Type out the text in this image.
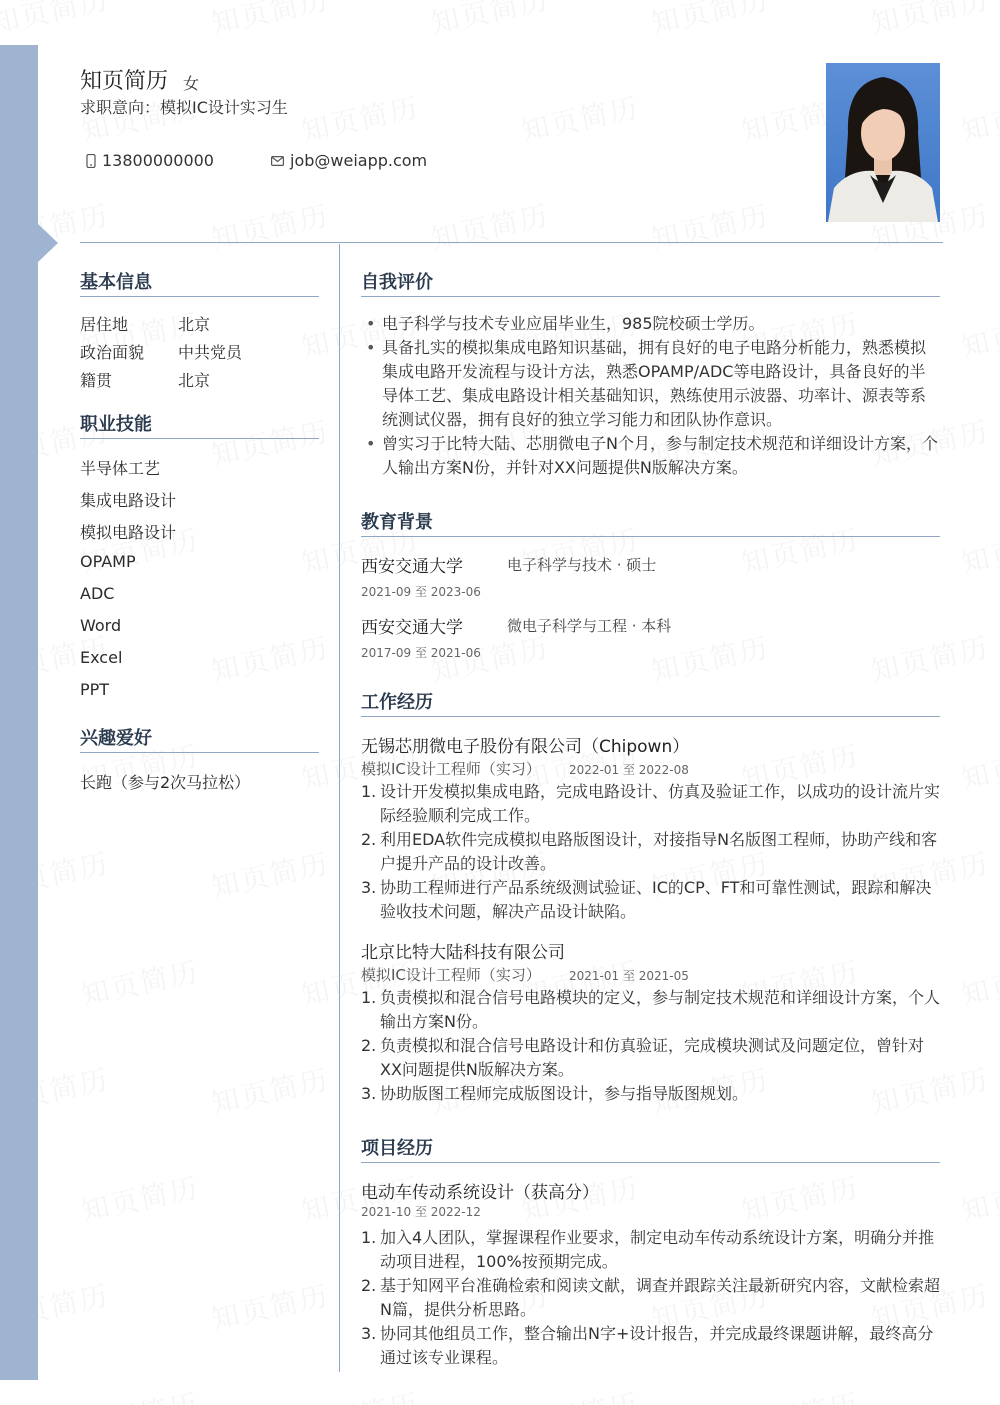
知页简历 女
求职意向：模拟IC设计实习生
13800000000	job@weiapp.com
基本信息
居住地	北京
政治面貌 中共党员
籍贯	北京
职业技能
半导体工艺
集成电路设计
模拟电路设计
OPAMP
ADC
Word
Excel
PPT
兴趣爱好
长跑（参与2次马拉松）
自我评价
• 电子科学与技术专业应届毕业生，985院校硕士学历。
• 具备扎实的模拟集成电路知识基础，拥有良好的电子电路分析能力，熟悉模拟集成电路开发流程与设计方法，熟悉OPAMP/ADC等电路设计，具备良好的半导体工艺、集成电路设计相关基础知识，熟练使用示波器、功率计、源表等系统测试仪器，拥有良好的独立学习能力和团队协作意识。
• 曾实习于比特大陆、芯朋微电子N个月，参与制定技术规范和详细设计方案，个人输出方案N份，并针对XX问题提供N版解决方案。
教育背景
西安交通大学	电子科学与技术 · 硕士
2021-09 至 2023-06
西安交通大学	微电子科学与工程 · 本科
2017-09 至 2021-06
工作经历
无锡芯朋微电子股份有限公司（Chipown）
模拟IC设计工程师（实习） 2022-01 至 2022-08
1. 设计开发模拟集成电路，完成电路设计、仿真及验证工作，以成功的设计流片实际经验顺利完成工作。
2. 利用EDA软件完成模拟电路版图设计，对接指导N名版图工程师，协助产线和客户提升产品的设计改善。
3. 协助工程师进行产品系统级测试验证、IC的CP、FT和可靠性测试，跟踪和解决验收技术问题，解决产品设计缺陷。
北京比特大陆科技有限公司
模拟IC设计工程师（实习） 2021-01 至 2021-05
1. 负责模拟和混合信号电路模块的定义，参与制定技术规范和详细设计方案，个人输出方案N份。
2. 负责模拟和混合信号电路设计和仿真验证，完成模块测试及问题定位，曾针对XX问题提供N版解决方案。
3. 协助版图工程师完成版图设计，参与指导版图规划。
项目经历
电动车传动系统设计（获高分）
2021-10 至 2022-12
1. 加入4人团队，掌握课程作业要求，制定电动车传动系统设计方案，明确分并推动项目进程，100%按预期完成。
2. 基于知网平台准确检索和阅读文献，调查并跟踪关注最新研究内容，文献检索超N篇，提供分析思路。
3. 协同其他组员工作，整合输出N字+设计报告，并完成最终课题讲解，最终高分通过该专业课程。
